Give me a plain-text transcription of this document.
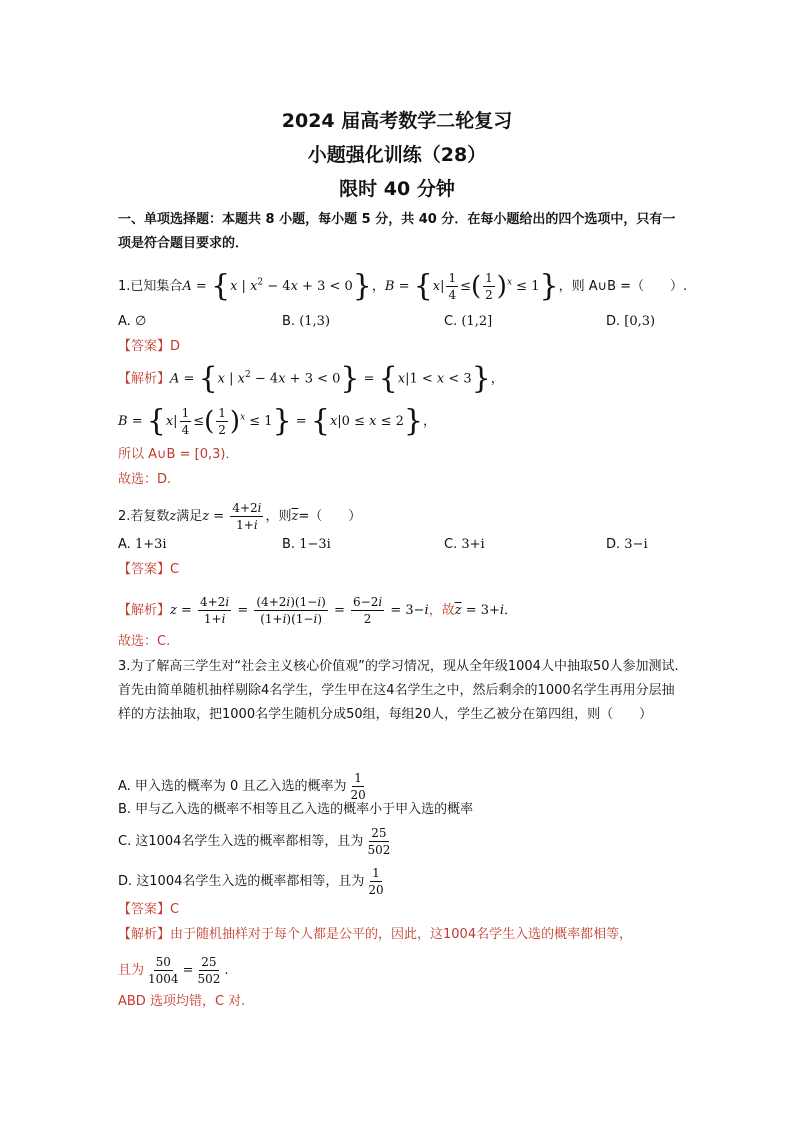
2024 届高考数学二轮复习
小题强化训练（28）
限时 40 分钟
一、单项选择题：本题共 8 小题，每小题 5 分，共 40 分．在每小题给出的四个选项中，只有一项是符合题目要求的．
1.已知集合A = {x | $x^2 - 4x + 3 < 0$}，$B = \{x| \frac{1}{4}$ ≤( $\frac{1}{2} )^x \le 1$}，则 A∪B =（　　）.
A. ∅	B. (1,3)	C. (1,2]	D. [0,3)
【答案】D
【解析】A = {x | $x^2 - 4x + 3 < 0\} = \{x|1 < x < 3\}$，
$B = \{x| \frac{1}{4}$ ≤( $\frac{1}{2} )^x \le 1\} = \{x|0 \le x \le 2\}$，
所以 A∪B = [0,3)．
故选：D.
2.若复数z满足$z = \frac{4+2i}{1+i}$ ，则$\overline{z}=$（　　）
A. 1+3i	B. 1−3i	C. 3+i	D. 3−i
【答案】C
【解析】$z = \frac{4+2i}{1+i} = \frac{(4+2i)(1-i)}{(1+i)(1-i)} = \frac{6-2i}{2} = 3-i$，故$\overline{z} = 3+i$．
故选：C.
3.为了解高三学生对“社会主义核心价值观”的学习情况，现从全年级1004人中抽取50人参加测试.首先由简单随机抽样剔除4名学生，学生甲在这4名学生之中，然后剩余的1000名学生再用分层抽样的方法抽取，把1000名学生随机分成50组，每组20人，学生乙被分在第四组，则（　　）
A. 甲入选的概率为 0 且乙入选的概率为 $\frac{1}{20}$
B. 甲与乙入选的概率不相等且乙入选的概率小于甲入选的概率
C. 这1004名学生入选的概率都相等，且为 $\frac{25}{502}$
D. 这1004名学生入选的概率都相等，且为 $\frac{1}{20}$
【答案】C
【解析】由于随机抽样对于每个人都是公平的，因此，这1004名学生入选的概率都相等，
且为 $\frac{50}{1004} = \frac{25}{502}$ .
ABD 选项均错，C 对.
